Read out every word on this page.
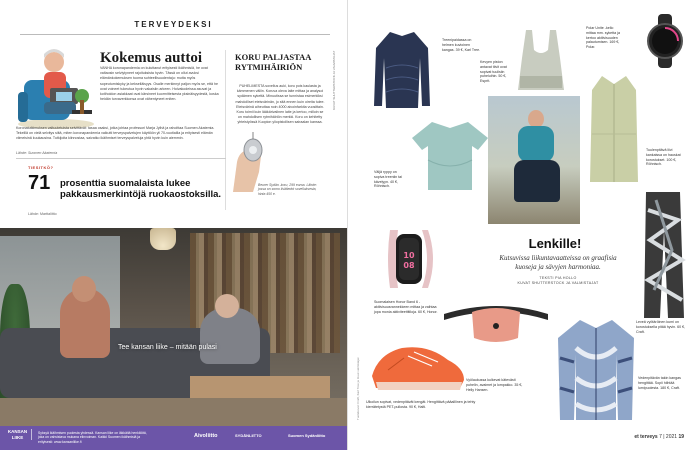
TERVEYDEKSI
Kokemus auttoi
VANHA koronapandemia on kuluttanut erityisesti ikäihmisiä, he ovat valtaosin selviytyneet rajoituksista hyvin. Tässä on ollut avuksi elämänkokemuksen tuoma suhteellisuudentaju: mutta myös sopeutumiskyky ja kekseliäisyys. Osalle merkinnyt paljon myös se, että he ovat voineet tukeutua hyvin vakaisiin arkeen. Hoivakodeissa asuvat ja kotihoidon asiakkaat ovat kärsineet kuormitteisesta yksinäisyydestä, koska heidän turvaverkkonsa ovat vähentyneet eniten.
Koronatutkimuksen valtuutetuista selvittävät: tasaa osaksi, jotka johtaa professori Marja Jylhä ja rahoittaa Suomen Akatemia. Tekeillä on vielä selvitys siitä, miten koronapandemia vaikutti terveyspalvelujen käyttöön yli 70-vuotiailla ja erityisesti elämän viimeisinä kuukausina. Tutkijoita kiinnostaa, saivatko ikäihmiset terveyspalveluja yhtä hyvin kuin aiemmin.
Lähde: Suomen Akatemia
KORU PALJASTAA RYTMIHÄIRIÖN
PUHELIMESTA sovellus auki, koru pois kaulasta ja kämmenen väliin. Koruva oleva laite mittaa ja analysoi sydämen sykettä. Minuutissa se tunnistaa esimerkiksi mahdolliset eteisvärinän, jo sitä ennen kuin oireita tulee. Eteisvärinä aiheuttaa noin 4000 aivoinfarktia vuosittain. Koru toimii kuin lääkärivalinen laite ja kertoo, milloin se on mahdollisen rytmihäiriön merkki. Koru on kehitetty yhteistyössä Kuopion yliopistollisen sairaalan kanssa.
Beurer Sydän -koru, 299 euroa. Lähde: jossa on somo lisätiedot sovelluksesta, hinta 450 e.
KUVAT SHUTTERSTOCK JA VALMISTAJAT
TIESITKÖ?
71 prosenttia suomalaista lukee pakkausmerkintöjä ruokaostoksilla.
Lähde: Marttaliitto
Tee kansan liike – mitään pulasi
KANSAN LIIKE
Syksyä ikäihmisen puolesta yhdessä. Kansan liike on iäkkäitä henkilöitä, joka on vahvistava mukana elinvoiman. Kaikki Suomen ikäihmisiä ja erityisesti: www.kansanliike.fi
Aivoliitto	SYDÄNLIITTO	Suomen Sydänliitto
Tuotekuvat: Craft, Karl Tree ja muut valmistajat
Treenipaidassa on helmen kuvioinen kangas. 39 €, Karl Tree.
Kevyen piston antavat tiivit ovat sopivat tuulisiin puheluihin. 50 €, Esprit.
Polar Unite -kello mittaa mm. syketta ja kertoo aktiivisuuden palautumisen. 169 €, Polar.
Tuulenpitävä liivi kankaissa on hauskat korostukset. 100 €, Röhnisch.
Väljä ryppy on sopiva treeniin tai kävelyyn. 40 €, Röhnisch.
10
08
Suomalaisen Honor Band 6 -aktiivisuusrannekkeen mittaa ja vaihtaa jopa monia aktiviteettitiloja. 60 €, Honor.
Lenkille!
Kutsuvissa liikuntavaatteissa on graafisia kuoseja ja sävyjen harmoniaa.
TEKSTI PIA HOLLO
KUVAT SHUTTERSTOCK JA VALMISTAJAT
Leveä vyötäröinen kumi on korostuksella pitää hyvin. 60 €, Craft.
Vyölaukussa kulkevat kätevästi puhelin, avaimet ja lompakko. 35 €, Helly Hansen.
Ulkoilun sopivat, vedenpitävät kengät. Hengittävä pääalllinen ja tehty kierrätetystä PET-pullosta. 90 €, Halti.
Vedenpitävän takin kangas hengittää. Sopii hiihtää lumipuolesta. 180 €, Craft.
et terveys 7 | 2021 19
